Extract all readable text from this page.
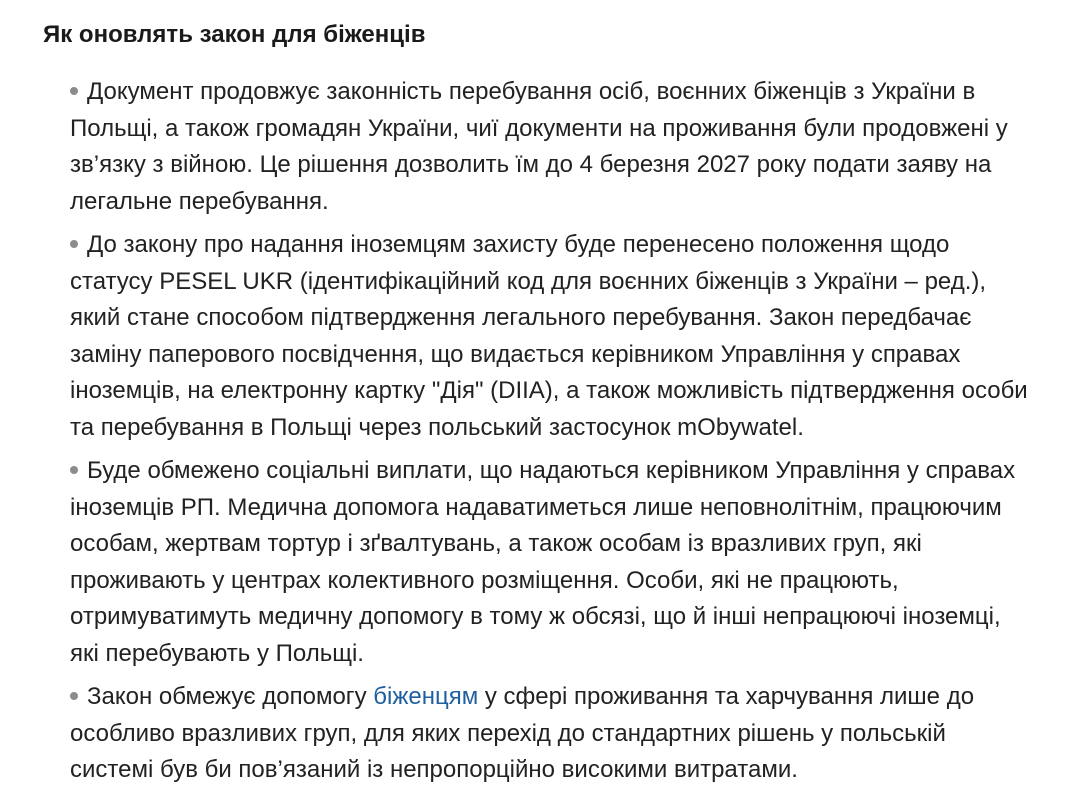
Як оновлять закон для біженців
Документ продовжує законність перебування осіб, воєнних біженців з України в
Польщі, а також громадян України, чиї документи на проживання були продовжені у
зв’язку з війною. Це рішення дозволить їм до 4 березня 2027 року подати заяву на
легальне перебування.
До закону про надання іноземцям захисту буде перенесено положення щодо
статусу PESEL UKR (ідентифікаційний код для воєнних біженців з України – ред.),
який стане способом підтвердження легального перебування. Закон передбачає
заміну паперового посвідчення, що видається керівником Управління у справах
іноземців, на електронну картку "Дія" (DIIA), а також можливість підтвердження особи
та перебування в Польщі через польський застосунок mObywatel.
Буде обмежено соціальні виплати, що надаються керівником Управління у справах
іноземців РП. Медична допомога надаватиметься лише неповнолітнім, працюючим
особам, жертвам тортур і зґвалтувань, а також особам із вразливих груп, які
проживають у центрах колективного розміщення. Особи, які не працюють,
отримуватимуть медичну допомогу в тому ж обсязі, що й інші непрацюючі іноземці,
які перебувають у Польщі.
Закон обмежує допомогу біженцям у сфері проживання та харчування лише до
особливо вразливих груп, для яких перехід до стандартних рішень у польській
системі був би пов’язаний із непропорційно високими витратами.
